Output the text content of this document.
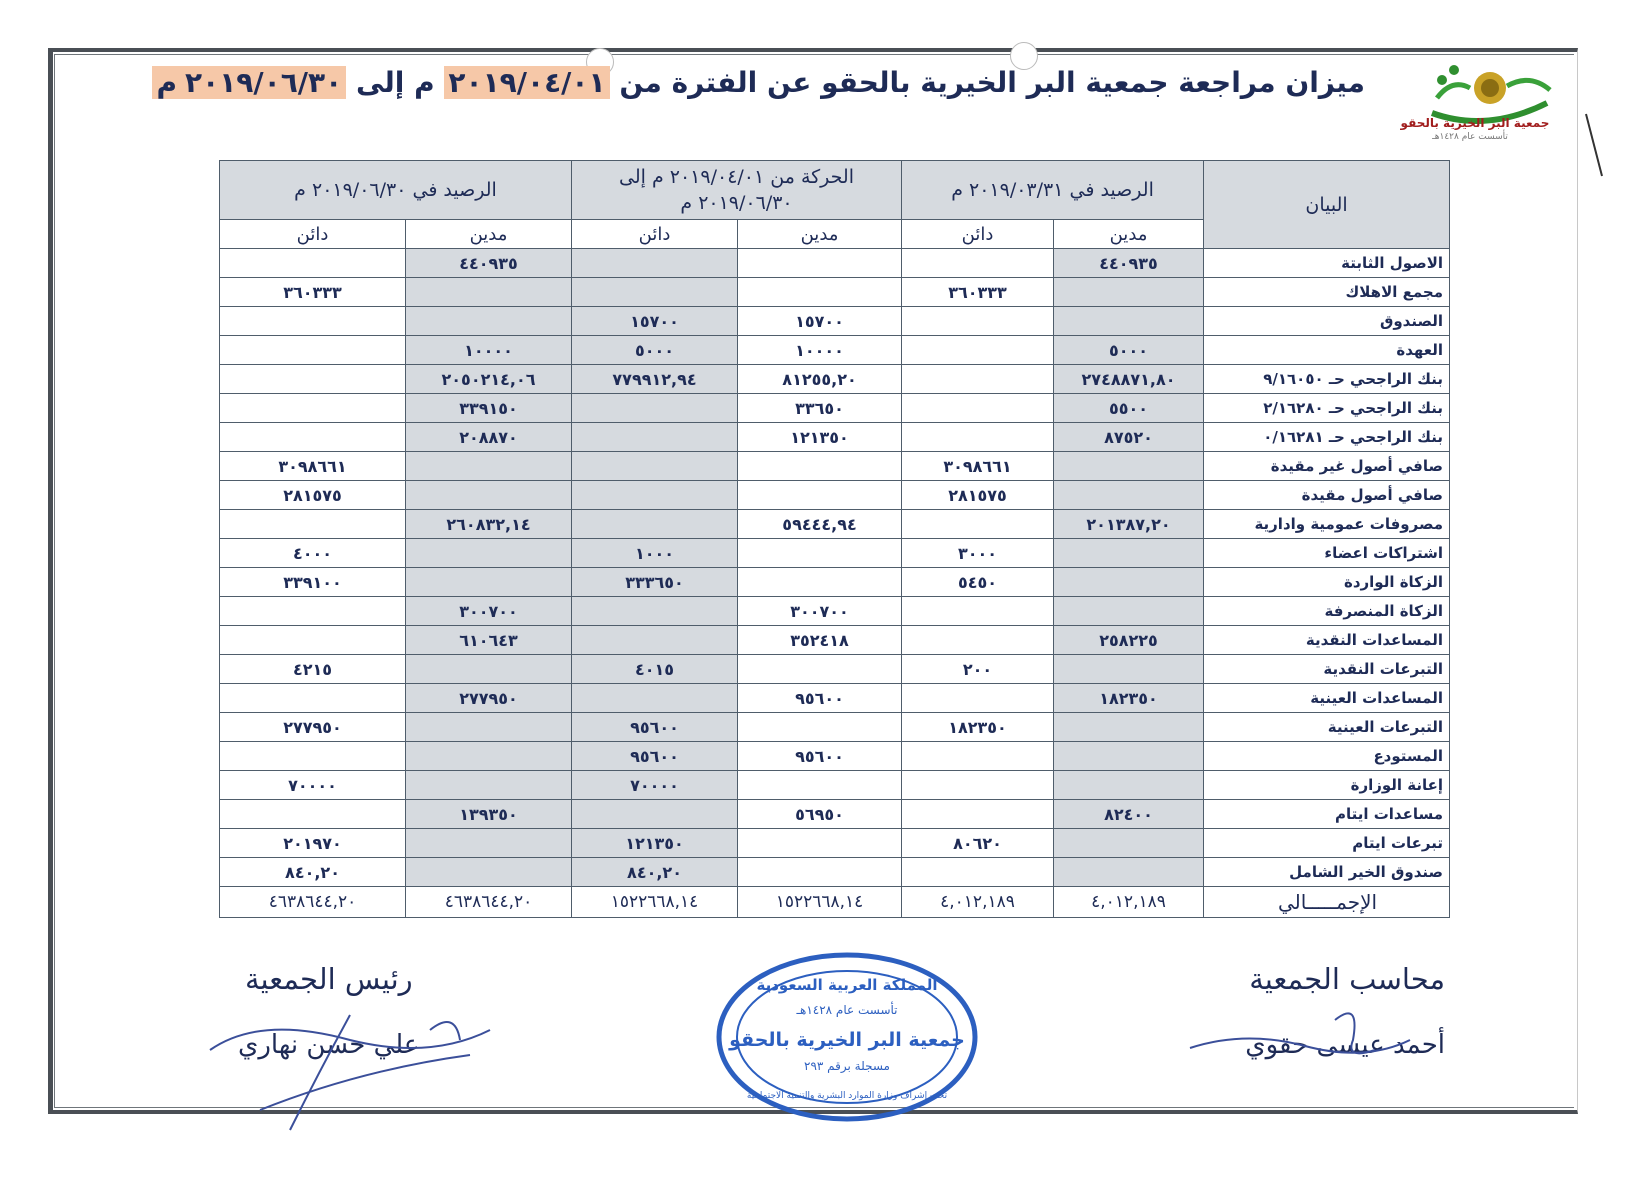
جمعية البر الخيرية بالحقو
تأسست عام ١٤٢٨هـ
ميزان مراجعة جمعية البر الخيرية بالحقو عن الفترة من ٢٠١٩/٠٤/٠١ م إلى ٢٠١٩/٠٦/٣٠م
البيان	الرصيد في ٢٠١٩/٠٣/٣١ م		الحركة من ٢٠١٩/٠٤/٠١ م إلى ٢٠١٩/٠٦/٣٠ م		الرصيد في ٢٠١٩/٠٦/٣٠ م	
	مدين	دائن	مدين	دائن	مدين	دائن
الاصول الثابتة	٤٤٠٩٣٥				٤٤٠٩٣٥	
مجمع الاهلاك		٣٦٠٣٣٣				٣٦٠٣٣٣
الصندوق			١٥٧٠٠	١٥٧٠٠		
العهدة	٥٠٠٠		١٠٠٠٠	٥٠٠٠	١٠٠٠٠	
بنك الراجحي حـ ٩/١٦٠٥٠	٢٧٤٨٨٧١,٨٠		٨١٢٥٥,٢٠	٧٧٩٩١٢,٩٤	٢٠٥٠٢١٤,٠٦	
بنك الراجحي حـ ٢/١٦٢٨٠	٥٥٠٠		٣٣٦٥٠		٣٣٩١٥٠	
بنك الراجحي حـ ٠/١٦٢٨١	٨٧٥٢٠		١٢١٣٥٠		٢٠٨٨٧٠	
صافي أصول غير مقيدة		٣٠٩٨٦٦١				٣٠٩٨٦٦١
صافي أصول مقيدة		٢٨١٥٧٥				٢٨١٥٧٥
مصروفات عمومية وادارية	٢٠١٣٨٧,٢٠		٥٩٤٤٤,٩٤		٢٦٠٨٣٢,١٤	
اشتراكات اعضاء		٣٠٠٠		١٠٠٠		٤٠٠٠
الزكاة الواردة		٥٤٥٠		٣٣٣٦٥٠		٣٣٩١٠٠
الزكاة المنصرفة			٣٠٠٧٠٠		٣٠٠٧٠٠	
المساعدات النقدية	٢٥٨٢٢٥		٣٥٢٤١٨		٦١٠٦٤٣	
التبرعات النقدية		٢٠٠		٤٠١٥		٤٢١٥
المساعدات العينية	١٨٢٣٥٠		٩٥٦٠٠		٢٧٧٩٥٠	
التبرعات العينية		١٨٢٣٥٠		٩٥٦٠٠		٢٧٧٩٥٠
المستودع			٩٥٦٠٠	٩٥٦٠٠		
إعانة الوزارة				٧٠٠٠٠		٧٠٠٠٠
مساعدات ايتام	٨٢٤٠٠		٥٦٩٥٠		١٣٩٣٥٠	
تبرعات ايتام		٨٠٦٢٠		١٢١٣٥٠		٢٠١٩٧٠
صندوق الخير الشامل				٨٤٠,٢٠		٨٤٠,٢٠
الإجمـــــالي	٤,٠١٢,١٨٩	٤,٠١٢,١٨٩	١٥٢٢٦٦٨,١٤	١٥٢٢٦٦٨,١٤	٤٦٣٨٦٤٤,٢٠	٤٦٣٨٦٤٤,٢٠
محاسب الجمعية
أحمد عيسى حقوي
رئيس الجمعية
علي حسن نهاري
المملكة العربية السعودية
تأسست عام ١٤٢٨هـ
جمعية البر الخيرية بالحقو
مسجلة برقم ٢٩٣
تحت إشراف وزارة الموارد البشرية والتنمية الاجتماعية
